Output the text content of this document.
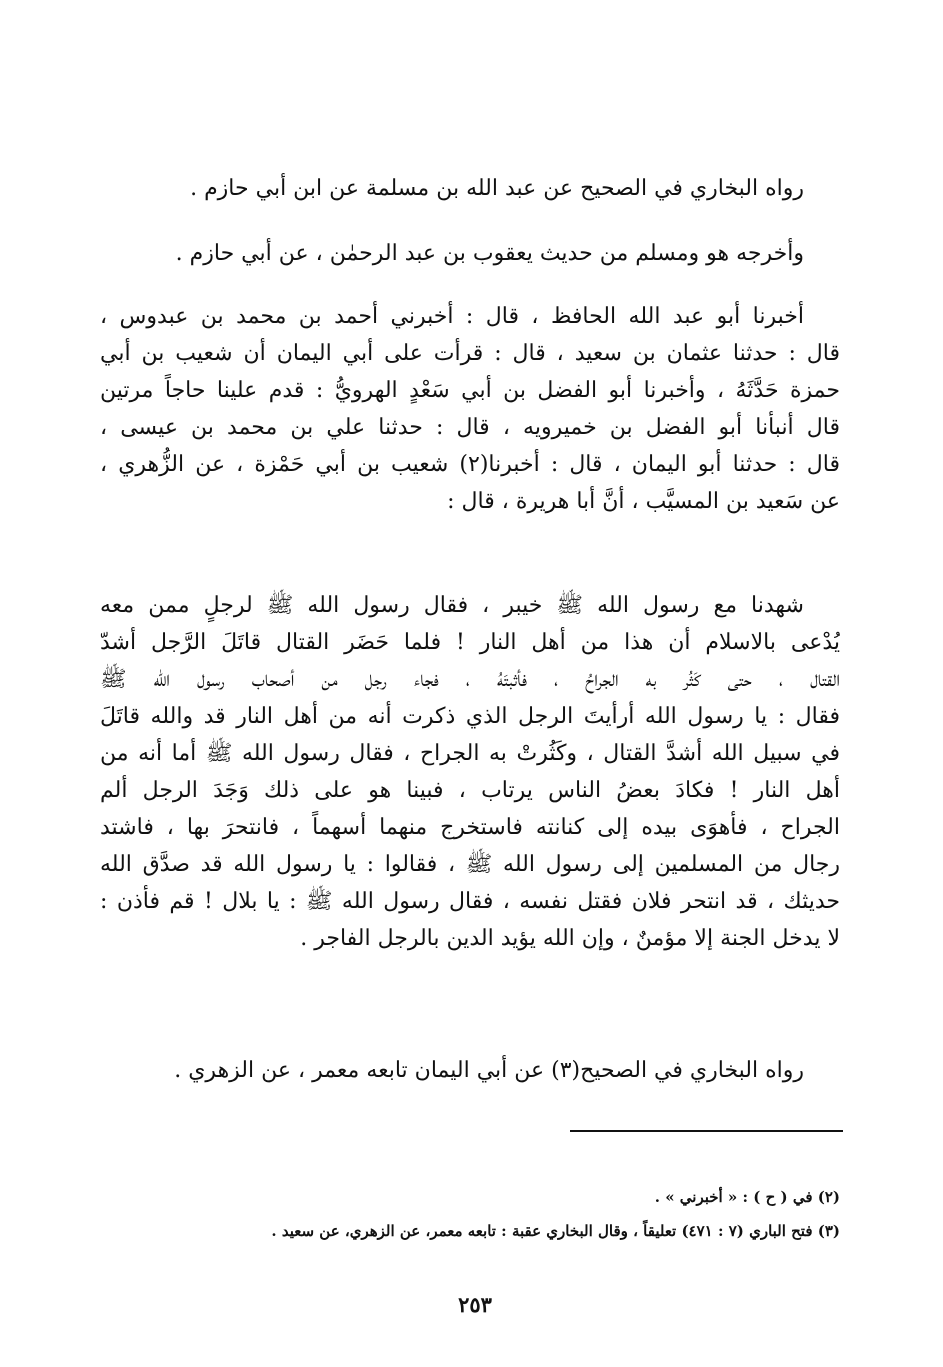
رواه البخاري في الصحيح عن عبد الله بن مسلمة عن ابن أبي حازم .
وأخرجه هو ومسلم من حديث يعقوب بن عبد الرحمٰن ، عن أبي حازم .
أخبرنا أبو عبد الله الحافظ ، قال : أخبرني أحمد بن محمد بن عبدوس ،
قال : حدثنا عثمان بن سعيد ، قال : قرأت على أبي اليمان أن شعيب بن أبي
حمزة حَدَّثَهُ ، وأخبرنا أبو الفضل بن أبي سَعْدٍ الهرويُّ : قدم علينا حاجاً مرتين
قال أنبأنا أبو الفضل بن خميرويه ، قال : حدثنا علي بن محمد بن عيسى ،
قال : حدثنا أبو اليمان ، قال : أخبرنا(٢) شعيب بن أبي حَمْزة ، عن الزُّهري ،
عن سَعيد بن المسيَّب ، أنَّ أبا هريرة ، قال :
شهدنا مع رسول الله ﷺ خيبر ، فقال رسول الله ﷺ لرجلٍ ممن معه
يُدْعى بالاسلام أن هذا من أهل النار ! فلما حَضَر القتال قاتَلَ الرَّجل أشدّ
القتال ، حتى كَثُر به الجراحُ ، فأثبتَهُ ، فجاء رجل من أصحاب رسول الله ﷺ
فقال : يا رسول الله أرأيتَ الرجل الذي ذكرت أنه من أهل النار قد والله قاتَلَ
في سبيل الله أشدَّ القتال ، وكَثُرتْ به الجراح ، فقال رسول الله ﷺ أما أنه من
أهل النار ! فكادَ بعضُ الناس يرتاب ، فبينا هو على ذلك وَجَدَ الرجل ألم
الجراح ، فأهوَى بيده إلى كنانته فاستخرج منهما أسهماً ، فانتحرَ بها ، فاشتد
رجال من المسلمين إلى رسول الله ﷺ ، فقالوا : يا رسول الله قد صدَّق الله
حديثك ، قد انتحر فلان فقتل نفسه ، فقال رسول الله ﷺ : يا بلال ! قم فأذن :
لا يدخل الجنة إلا مؤمنٌ ، وإن الله يؤيد الدين بالرجل الفاجر .
رواه البخاري في الصحيح(٣) عن أبي اليمان تابعه معمر ، عن الزهري .
(٢) في ( ح ) : « أخبرني » .
(٣) فتح الباري (٧ : ٤٧١) تعليقاً ، وقال البخاري عقبة : تابعه معمر، عن الزهري، عن سعيد .
٢٥٣
